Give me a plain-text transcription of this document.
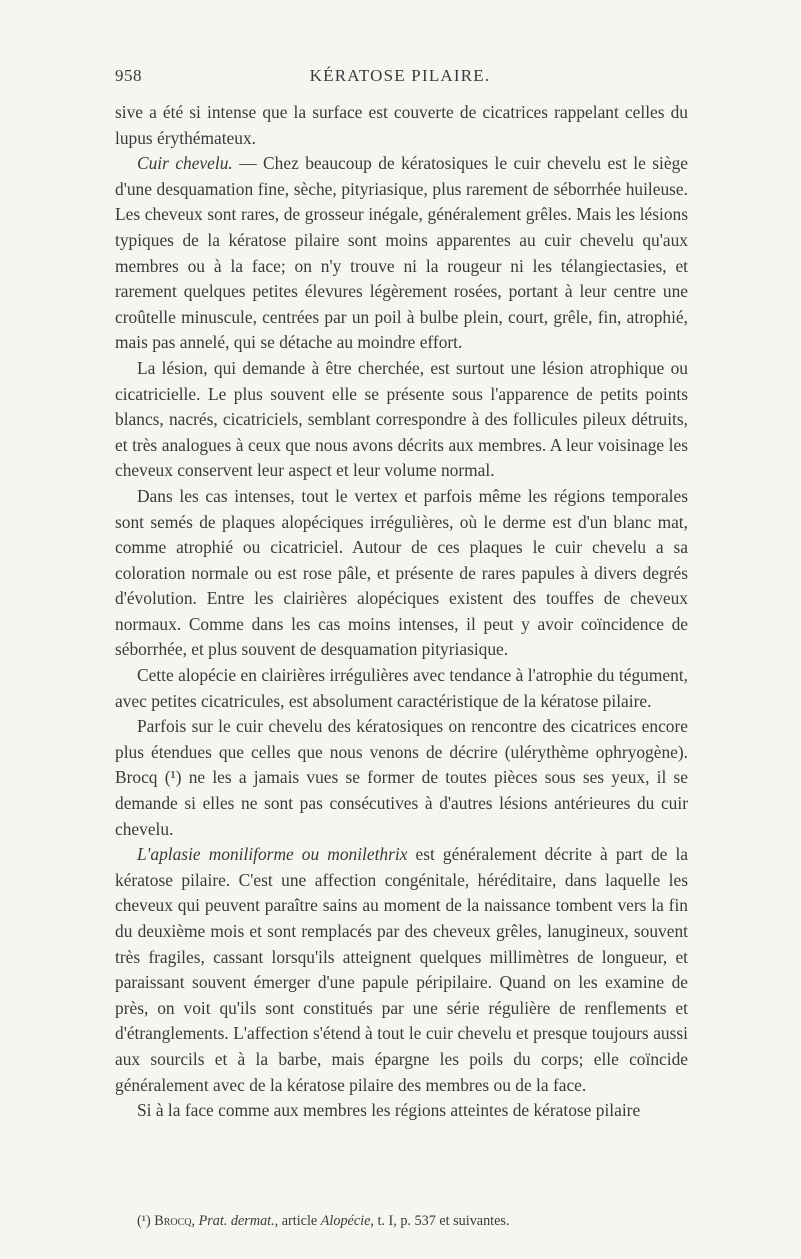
958	KÉRATOSE PILAIRE.

sive a été si intense que la surface est couverte de cicatrices rappelant celles du lupus érythémateux.

Cuir chevelu. — Chez beaucoup de kératosiques le cuir chevelu est le siège d'une desquamation fine, sèche, pityriasique, plus rarement de séborrhée huileuse. Les cheveux sont rares, de grosseur inégale, généralement grêles. Mais les lésions typiques de la kératose pilaire sont moins apparentes au cuir chevelu qu'aux membres ou à la face; on n'y trouve ni la rougeur ni les télangiectasies, et rarement quelques petites élevures légèrement rosées, portant à leur centre une croûtelle minuscule, centrées par un poil à bulbe plein, court, grêle, fin, atrophié, mais pas annelé, qui se détache au moindre effort.

La lésion, qui demande à être cherchée, est surtout une lésion atrophique ou cicatricielle. Le plus souvent elle se présente sous l'apparence de petits points blancs, nacrés, cicatriciels, semblant correspondre à des follicules pileux détruits, et très analogues à ceux que nous avons décrits aux membres. A leur voisinage les cheveux conservent leur aspect et leur volume normal.

Dans les cas intenses, tout le vertex et parfois même les régions temporales sont semés de plaques alopéciques irrégulières, où le derme est d'un blanc mat, comme atrophié ou cicatriciel. Autour de ces plaques le cuir chevelu a sa coloration normale ou est rose pâle, et présente de rares papules à divers degrés d'évolution. Entre les clairières alopéciques existent des touffes de cheveux normaux. Comme dans les cas moins intenses, il peut y avoir coïncidence de séborrhée, et plus souvent de desquamation pityriasique.

Cette alopécie en clairières irrégulières avec tendance à l'atrophie du tégument, avec petites cicatricules, est absolument caractéristique de la kératose pilaire.

Parfois sur le cuir chevelu des kératosiques on rencontre des cicatrices encore plus étendues que celles que nous venons de décrire (ulérythème ophryogène). Brocq (¹) ne les a jamais vues se former de toutes pièces sous ses yeux, il se demande si elles ne sont pas consécutives à d'autres lésions antérieures du cuir chevelu.

L'aplasie moniliforme ou monilethrix est généralement décrite à part de la kératose pilaire. C'est une affection congénitale, héréditaire, dans laquelle les cheveux qui peuvent paraître sains au moment de la naissance tombent vers la fin du deuxième mois et sont remplacés par des cheveux grêles, lanugineux, souvent très fragiles, cassant lorsqu'ils atteignent quelques millimètres de longueur, et paraissant souvent émerger d'une papule péripilaire. Quand on les examine de près, on voit qu'ils sont constitués par une série régulière de renflements et d'étranglements. L'affection s'étend à tout le cuir chevelu et presque toujours aussi aux sourcils et à la barbe, mais épargne les poils du corps; elle coïncide généralement avec de la kératose pilaire des membres ou de la face.

Si à la face comme aux membres les régions atteintes de kératose pilaire

(¹) Brocq, Prat. dermat., article Alopécie, t. I, p. 537 et suivantes.
